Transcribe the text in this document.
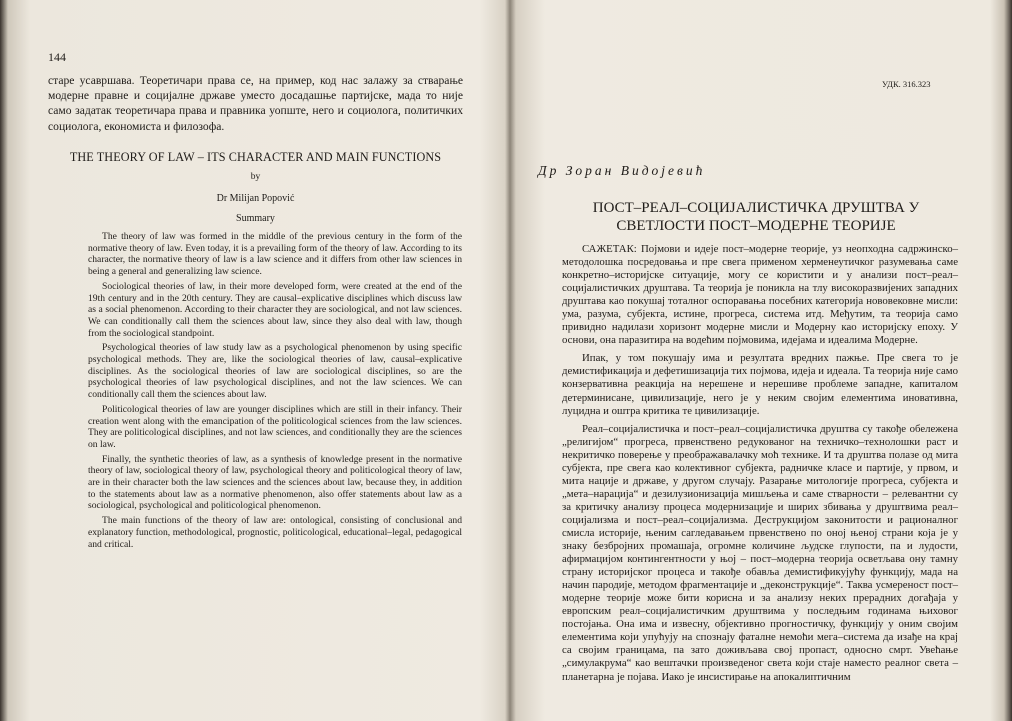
144

старе усавршава. Теоретичари права се, на пример, код нас залажу за стварање модерне правне и социјалне државе уместо досадашње партијске, мада то није само задатак теоретичара права и правника уопште, него и социолога, политичких социолога, економиста и филозофа.

THE THEORY OF LAW – ITS CHARACTER AND MAIN FUNCTIONS
by
Dr Milijan Popović
Summary

The theory of law was formed in the middle of the previous century in the form of the normative theory of law. Even today, it is a prevailing form of the theory of law. According to its character, the normative theory of law is a law science and it differs from other law sciences in being a general and generalizing law science.

Sociological theories of law, in their more developed form, were created at the end of the 19th century and in the 20th century. They are causal–explicative disciplines which discuss law as a social phenomenon. According to their character they are sociological, and not law sciences. We can conditionally call them the sciences about law, since they also deal with law, though from the sociological standpoint.

Psychological theories of law study law as a psychological phenomenon by using specific psychological methods. They are, like the sociological theories of law, causal–explicative disciplines. As the sociological theories of law are sociological disciplines, so are the psychological theories of law psychological disciplines, and not the law sciences. We can conditionally call them the sciences about law.

Politicological theories of law are younger disciplines which are still in their infancy. Their creation went along with the emancipation of the politicological sciences from the law sciences. They are politicological disciplines, and not law sciences, and conditionally they are the sciences on law.

Finally, the synthetic theories of law, as a synthesis of knowledge present in the normative theory of law, sociological theory of law, psychological theory and politicological theory of law, are in their character both the law sciences and the sciences about law, because they, in addition to the statements about law as a normative phenomenon, also offer statements about law as a sociological, psychological and politicological phenomenon.

The main functions of the theory of law are: ontological, consisting of conclusional and explanatory function, methodological, prognostic, politicological, educational–legal, pedagogical and critical.

УДК. 316.323
Др Зоран Видојевић
ПОСТ–РЕАЛ–СОЦИЈАЛИСТИЧКА ДРУШТВА У
СВЕТЛОСТИ ПОСТ–МОДЕРНЕ ТЕОРИЈЕ

САЖЕТАК: Појмови и идеје пост–модерне теорије, уз неопходна садржинско–методолошка посредовања и пре свега применом херменеутичког разумевања саме конкретно–историјске ситуације, могу се користити и у анализи пост–реал–социјалистичких друштава. Та теорија је поникла на тлу високоразвијених западних друштава као покушај тоталног оспоравања посебних категорија нововековне мисли: ума, разума, субјекта, истине, прогреса, система итд. Међутим, та теорија само привидно надилази хоризонт модерне мисли и Модерну као историјску епоху. У основи, она паразитира на водећим појмовима, идејама и идеалима Модерне.

Ипак, у том покушају има и резултата вредних пажње. Пре свега то је демистификација и дефетишизација тих појмова, идеја и идеала. Та теорија није само конзервативна реакција на нерешене и нерешиве проблеме западне, капиталом детерминисане, цивилизације, него је у неким својим елементима иновативна, луцидна и оштра критика те цивилизације.

Реал–социјалистичка и пост–реал–социјалистичка друштва су такође обележена „религијом“ прогреса, првенствено редукованог на техничко–технолошки раст и некритичко поверење у преображавалачку моћ технике. И та друштва полазе од мита субјекта, пре свега као колективног субјекта, радничке класе и партије, у првом, и мита нације и државе, у другом случају. Разарање митологије прогреса, субјекта и „мета–нарација“ и дезилузионизација мишљења и саме стварности – релевантни су за критичку анализу процеса модернизације и ширих збивања у друштвима реал–социјализма и пост–реал–социјализма. Деструкцијом законитости и рационалног смисла историје, њеним сагледавањем првенствено по оној њеној страни која је у знаку безбројних промашаја, огромне количине људске глупости, па и лудости, афирмацијом контингентности у њој – пост–модерна теорија осветљава ону тамну страну историјског процеса и такође обавља демистификујућу функцију, мада на начин пародије, методом фрагментације и „деконструкције“. Таква усмереност пост–модерне теорије може бити корисна и за анализу неких прерадних догађаја у европским реал–социјалистичким друштвима у последњим годинама њиховог постојања. Она има и извесну, објективно прогностичку, функцију у оним својим елементима који упућују на спознају фаталне немоћи мега–система да изађе на крај са својим границама, па зато доживљава свој пропаст, односно смрт. Увећање „симулакрума“ као вештачки произведеног света који стаје наместо реалног света – планетарна је појава. Иако је инсистирање на апокалиптичним
